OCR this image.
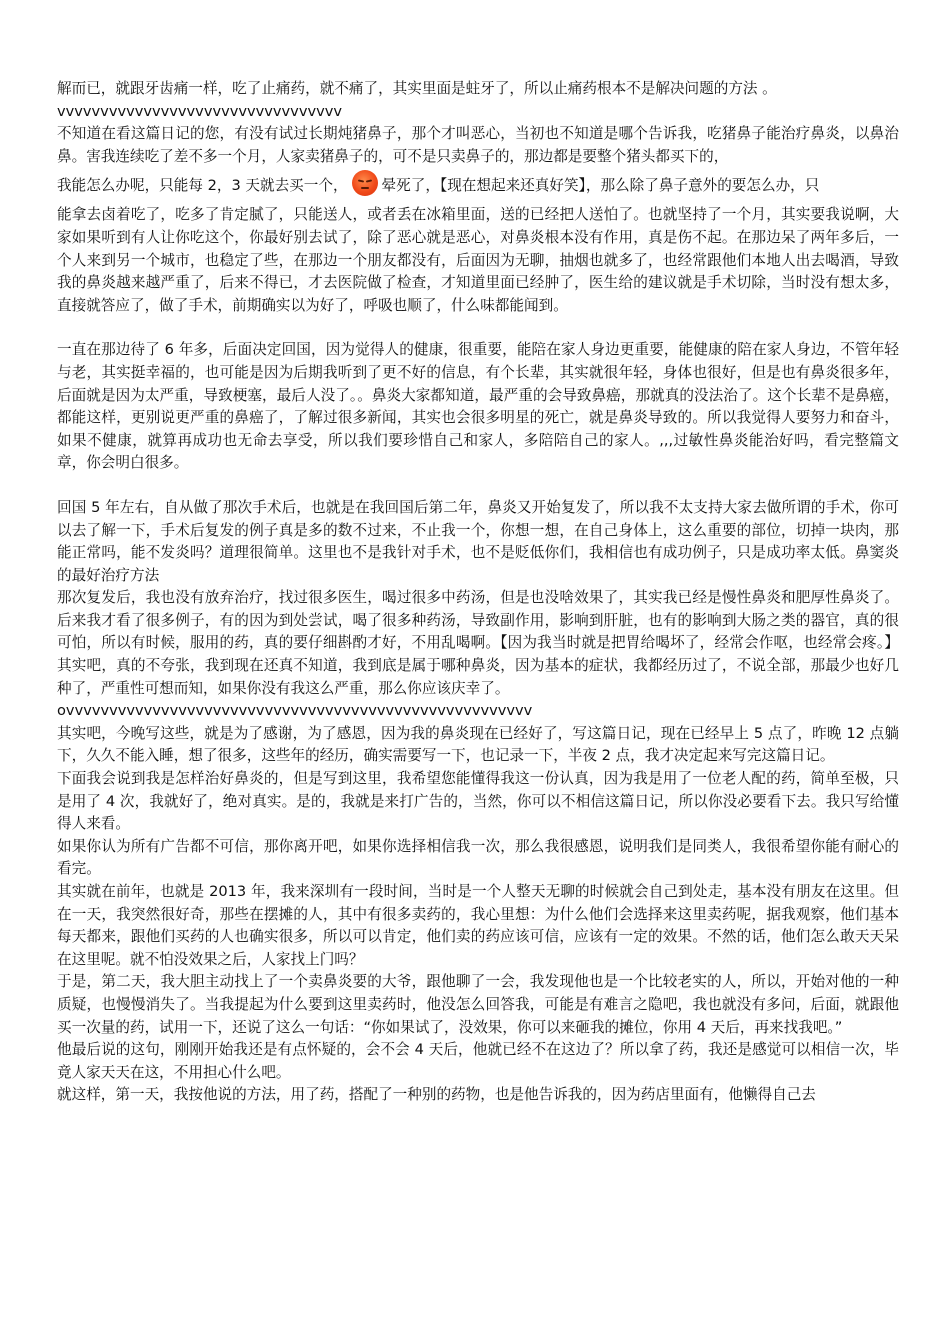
解而已，就跟牙齿痛一样，吃了止痛药，就不痛了，其实里面是蛀牙了，所以止痛药根本不是解决问题的方法 。

vvvvvvvvvvvvvvvvvvvvvvvvvvvvvvvvv

不知道在看这篇日记的您，有没有试过长期炖猪鼻子，那个才叫恶心，当初也不知道是哪个告诉我，吃猪鼻子能治疗鼻炎，以鼻治鼻。害我连续吃了差不多一个月，人家卖猪鼻子的，可不是只卖鼻子的，那边都是要整个猪头都买下的，

我能怎么办呢，只能每 2，3 天就去买一个， 晕死了，【现在想起来还真好笑】，那么除了鼻子意外的要怎么办，只

能拿去卤着吃了，吃多了肯定腻了，只能送人，或者丢在冰箱里面，送的已经把人送怕了。也就坚持了一个月，其实要我说啊，大家如果听到有人让你吃这个，你最好别去试了，除了恶心就是恶心，对鼻炎根本没有作用，真是伤不起。在那边呆了两年多后，一个人来到另一个城市，也稳定了些，在那边一个朋友都没有，后面因为无聊，抽烟也就多了，也经常跟他们本地人出去喝酒，导致我的鼻炎越来越严重了，后来不得已，才去医院做了检查，才知道里面已经肿了，医生给的建议就是手术切除，当时没有想太多，直接就答应了，做了手术，前期确实以为好了，呼吸也顺了，什么味都能闻到。

一直在那边待了 6 年多，后面决定回国，因为觉得人的健康，很重要，能陪在家人身边更重要，能健康的陪在家人身边，不管年轻与老，其实挺幸福的，也可能是因为后期我听到了更不好的信息，有个长辈，其实就很年轻，身体也很好，但是也有鼻炎很多年，后面就是因为太严重，导致梗塞，最后人没了。。鼻炎大家都知道，最严重的会导致鼻癌，那就真的没法治了。这个长辈不是鼻癌，都能这样，更别说更严重的鼻癌了，了解过很多新闻，其实也会很多明星的死亡，就是鼻炎导致的。所以我觉得人要努力和奋斗，如果不健康，就算再成功也无命去享受，所以我们要珍惜自己和家人，多陪陪自己的家人。,,,过敏性鼻炎能治好吗，看完整篇文章，你会明白很多。

回国 5 年左右，自从做了那次手术后，也就是在我回国后第二年，鼻炎又开始复发了，所以我不太支持大家去做所谓的手术，你可以去了解一下，手术后复发的例子真是多的数不过来，不止我一个，你想一想，在自己身体上，这么重要的部位，切掉一块肉，那能正常吗，能不发炎吗？道理很简单。这里也不是我针对手术，也不是贬低你们，我相信也有成功例子，只是成功率太低。鼻窦炎的最好治疗方法

那次复发后，我也没有放弃治疗，找过很多医生，喝过很多中药汤，但是也没啥效果了，其实我已经是慢性鼻炎和肥厚性鼻炎了。后来我才看了很多例子，有的因为到处尝试，喝了很多种药汤，导致副作用，影响到肝脏，也有的影响到大肠之类的器官，真的很可怕，所以有时候，服用的药，真的要仔细斟酌才好，不用乱喝啊。【因为我当时就是把胃给喝坏了，经常会作呕，也经常会疼。】其实吧，真的不夸张，我到现在还真不知道，我到底是属于哪种鼻炎，因为基本的症状，我都经历过了，不说全部，那最少也好几种了，严重性可想而知，如果你没有我这么严重，那么你应该庆幸了。

ovvvvvvvvvvvvvvvvvvvvvvvvvvvvvvvvvvvvvvvvvvvvvvvvvvvvvv

其实吧，今晚写这些，就是为了感谢，为了感恩，因为我的鼻炎现在已经好了，写这篇日记，现在已经早上 5 点了，昨晚 12 点躺下，久久不能入睡，想了很多，这些年的经历，确实需要写一下，也记录一下，半夜 2 点，我才决定起来写完这篇日记。

下面我会说到我是怎样治好鼻炎的，但是写到这里，我希望您能懂得我这一份认真，因为我是用了一位老人配的药，简单至极，只是用了 4 次，我就好了，绝对真实。是的，我就是来打广告的，当然，你可以不相信这篇日记，所以你没必要看下去。我只写给懂得人来看。

如果你认为所有广告都不可信，那你离开吧，如果你选择相信我一次，那么我很感恩，说明我们是同类人，我很希望你能有耐心的看完。

其实就在前年，也就是 2013 年，我来深圳有一段时间，当时是一个人整天无聊的时候就会自己到处走，基本没有朋友在这里。但在一天，我突然很好奇，那些在摆摊的人，其中有很多卖药的，我心里想：为什么他们会选择来这里卖药呢，据我观察，他们基本每天都来，跟他们买药的人也确实很多，所以可以肯定，他们卖的药应该可信，应该有一定的效果。不然的话，他们怎么敢天天呆在这里呢。就不怕没效果之后，人家找上门吗？

于是，第二天，我大胆主动找上了一个卖鼻炎要的大爷，跟他聊了一会，我发现他也是一个比较老实的人，所以，开始对他的一种质疑，也慢慢消失了。当我提起为什么要到这里卖药时，他没怎么回答我，可能是有难言之隐吧，我也就没有多问，后面，就跟他买一次量的药，试用一下，还说了这么一句话：“你如果试了，没效果，你可以来砸我的摊位，你用 4 天后，再来找我吧。”

他最后说的这句，刚刚开始我还是有点怀疑的，会不会 4 天后，他就已经不在这边了？所以拿了药，我还是感觉可以相信一次，毕竟人家天天在这，不用担心什么吧。

就这样，第一天，我按他说的方法，用了药，搭配了一种别的药物，也是他告诉我的，因为药店里面有，他懒得自己去
